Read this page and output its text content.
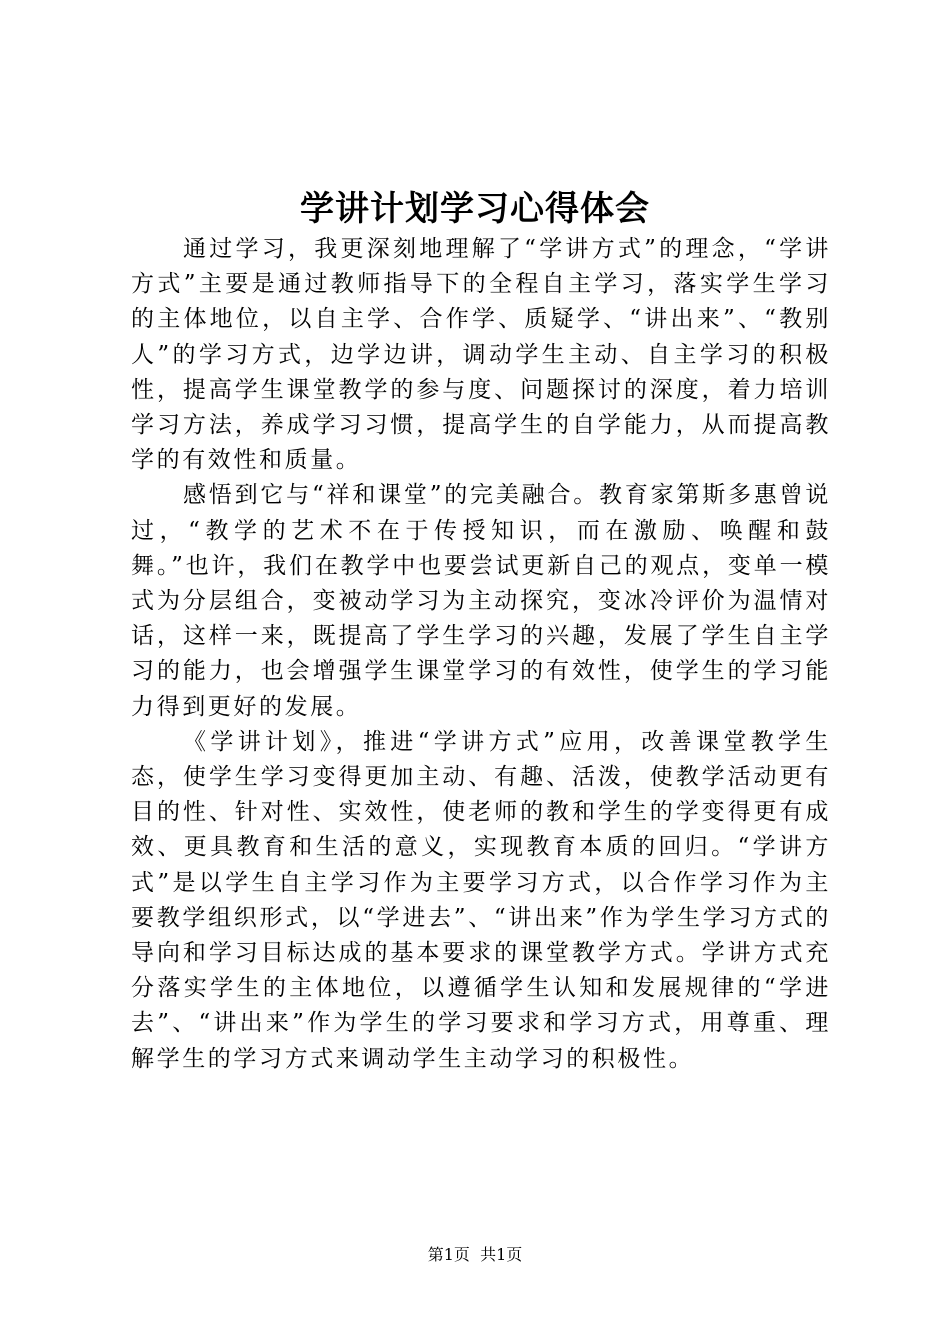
学讲计划学习心得体会

通过学习，我更深刻地理解了“学讲方式”的理念，“学讲方式”主要是通过教师指导下的全程自主学习，落实学生学习的主体地位，以自主学、合作学、质疑学、“讲出来”、“教别人”的学习方式，边学边讲，调动学生主动、自主学习的积极性，提高学生课堂教学的参与度、问题探讨的深度，着力培训学习方法，养成学习习惯，提高学生的自学能力，从而提高教学的有效性和质量。

感悟到它与“祥和课堂”的完美融合。教育家第斯多惠曾说过，“教学的艺术不在于传授知识，而在激励、唤醒和鼓舞。”也许，我们在教学中也要尝试更新自己的观点，变单一模式为分层组合，变被动学习为主动探究，变冰冷评价为温情对话，这样一来，既提高了学生学习的兴趣，发展了学生自主学习的能力，也会增强学生课堂学习的有效性，使学生的学习能力得到更好的发展。

《学讲计划》，推进“学讲方式”应用，改善课堂教学生态，使学生学习变得更加主动、有趣、活泼，使教学活动更有目的性、针对性、实效性，使老师的教和学生的学变得更有成效、更具教育和生活的意义，实现教育本质的回归。“学讲方式”是以学生自主学习作为主要学习方式，以合作学习作为主要教学组织形式，以“学进去”、“讲出来”作为学生学习方式的导向和学习目标达成的基本要求的课堂教学方式。学讲方式充分落实学生的主体地位，以遵循学生认知和发展规律的“学进去”、“讲出来”作为学生的学习要求和学习方式，用尊重、理解学生的学习方式来调动学生主动学习的积极性。

第1页 共1页
